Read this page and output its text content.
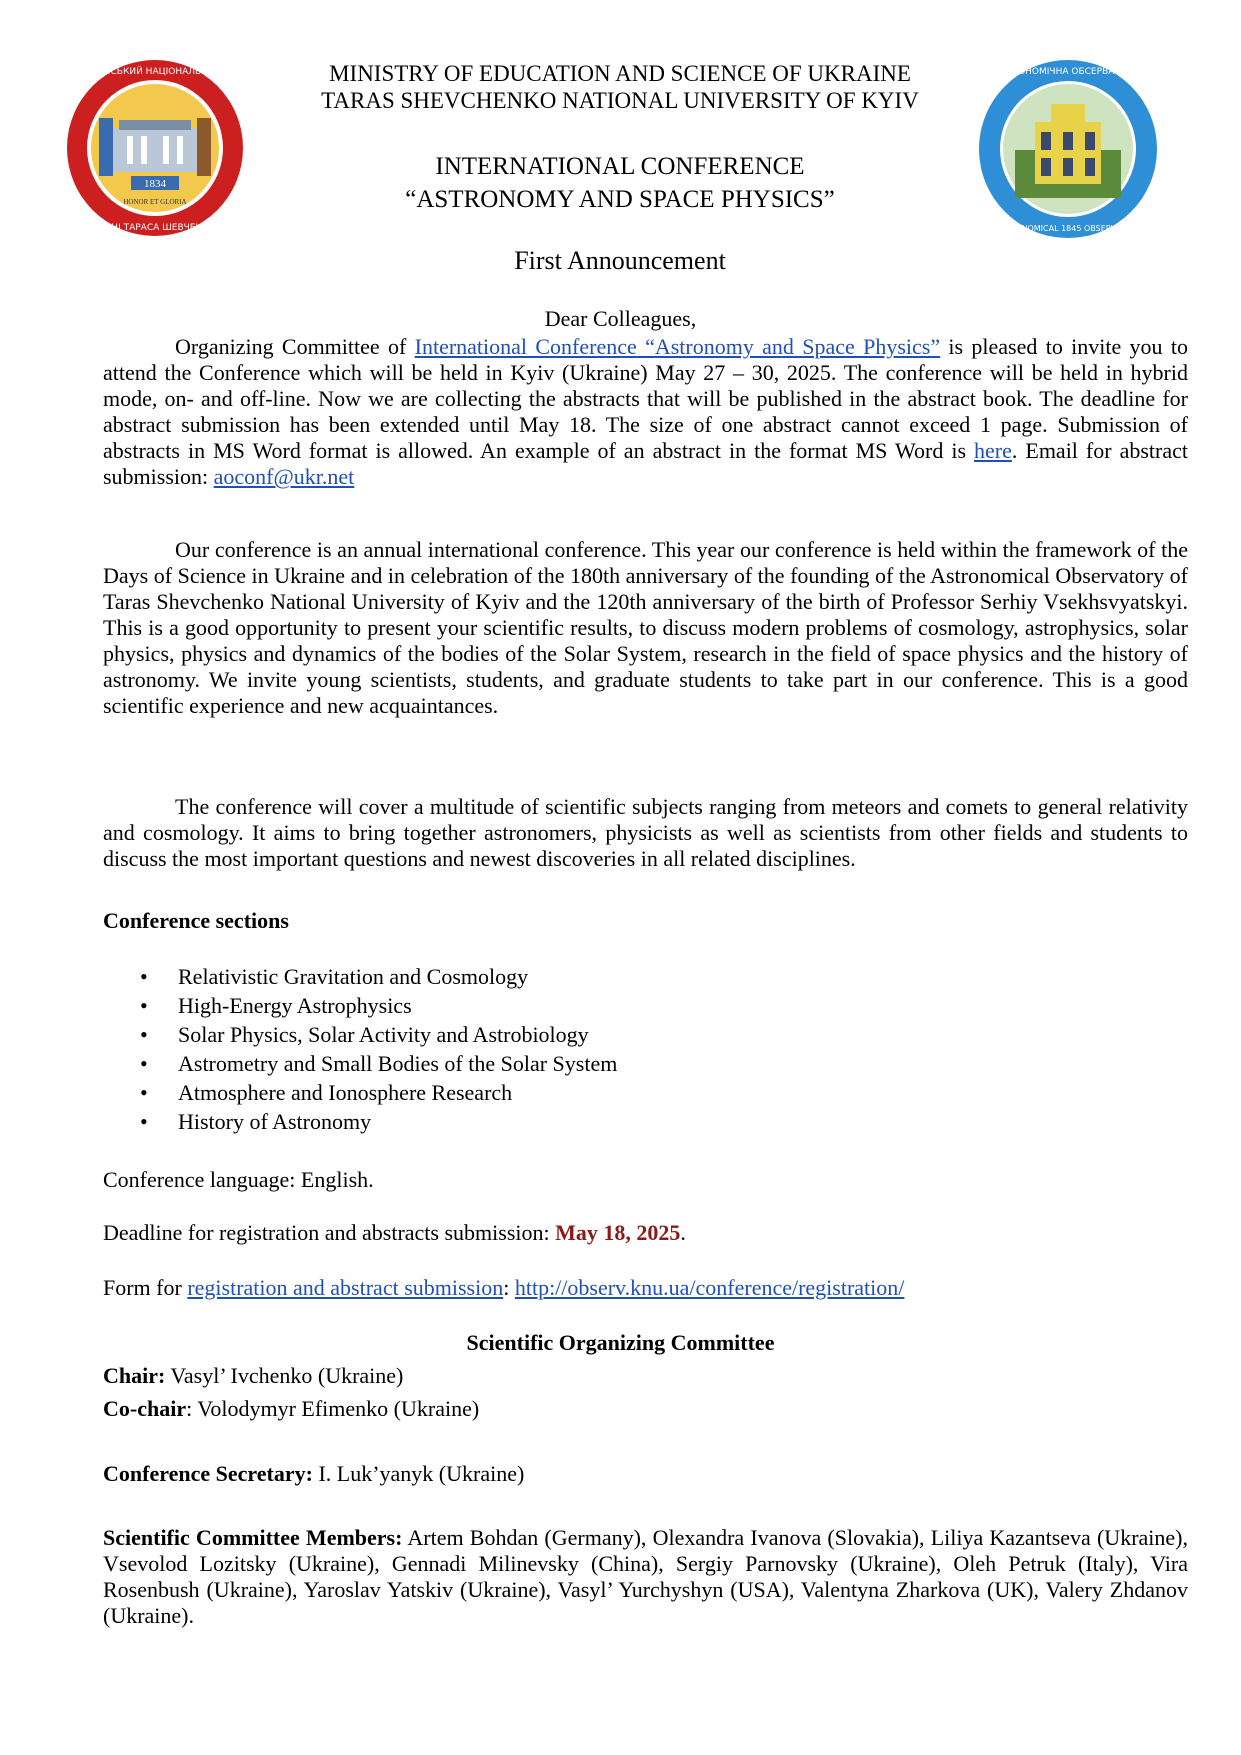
1834
HONOR ET GLORIA
КИЇВСЬКИЙ НАЦІОНАЛЬНИЙ
ІМЕНІ ТАРАСА ШЕВЧЕНКА
АСТРОНОМІЧНА ОБСЕРВАТОРІЯ
ASTRONOMICAL 1845 OBSERVATORY
MINISTRY OF EDUCATION AND SCIENCE OF UKRAINE
TARAS SHEVCHENKO NATIONAL UNIVERSITY OF KYIV
INTERNATIONAL CONFERENCE
“ASTRONOMY AND SPACE PHYSICS”
First Announcement
Dear Colleagues,

Organizing Committee of International Conference “Astronomy and Space Physics” is pleased to invite you to attend the Conference which will be held in Kyiv (Ukraine) May 27 – 30, 2025. The conference will be held in hybrid mode, on- and off-line. Now we are collecting the abstracts that will be published in the abstract book. The deadline for abstract submission has been extended until May 18. The size of one abstract cannot exceed 1 page. Submission of abstracts in MS Word format is allowed. An example of an abstract in the format MS Word is here. Email for abstract submission: aoconf@ukr.net

Our conference is an annual international conference. This year our conference is held within the framework of the Days of Science in Ukraine and in celebration of the 180th anniversary of the founding of the Astronomical Observatory of Taras Shevchenko National University of Kyiv and the 120th anniversary of the birth of Professor Serhiy Vsekhsvyatskyi. This is a good opportunity to present your scientific results, to discuss modern problems of cosmology, astrophysics, solar physics, physics and dynamics of the bodies of the Solar System, research in the field of space physics and the history of astronomy. We invite young scientists, students, and graduate students to take part in our conference. This is a good scientific experience and new acquaintances.

The conference will cover a multitude of scientific subjects ranging from meteors and comets to general relativity and cosmology. It aims to bring together astronomers, physicists as well as scientists from other fields and students to discuss the most important questions and newest discoveries in all related disciplines.

Conference sections
• Relativistic Gravitation and Cosmology
• High-Energy Astrophysics
• Solar Physics, Solar Activity and Astrobiology
• Astrometry and Small Bodies of the Solar System
• Atmosphere and Ionosphere Research
• History of Astronomy
Conference language: English.
Deadline for registration and abstracts submission: May 18, 2025.
Form for registration and abstract submission: http://observ.knu.ua/conference/registration/
Scientific Organizing Committee
Chair: Vasyl’ Ivchenko (Ukraine)
Co-chair: Volodymyr Efimenko (Ukraine)
Conference Secretary: I. Luk’yanyk (Ukraine)

Scientific Committee Members: Artem Bohdan (Germany), Olexandra Ivanova (Slovakia), Liliya Kazantseva (Ukraine), Vsevolod Lozitsky (Ukraine), Gennadi Milinevsky (China), Sergiy Parnovsky (Ukraine), Oleh Petruk (Italy), Vira Rosenbush (Ukraine), Yaroslav Yatskiv (Ukraine), Vasyl’ Yurchyshyn (USA), Valentyna Zharkova (UK), Valery Zhdanov (Ukraine).
